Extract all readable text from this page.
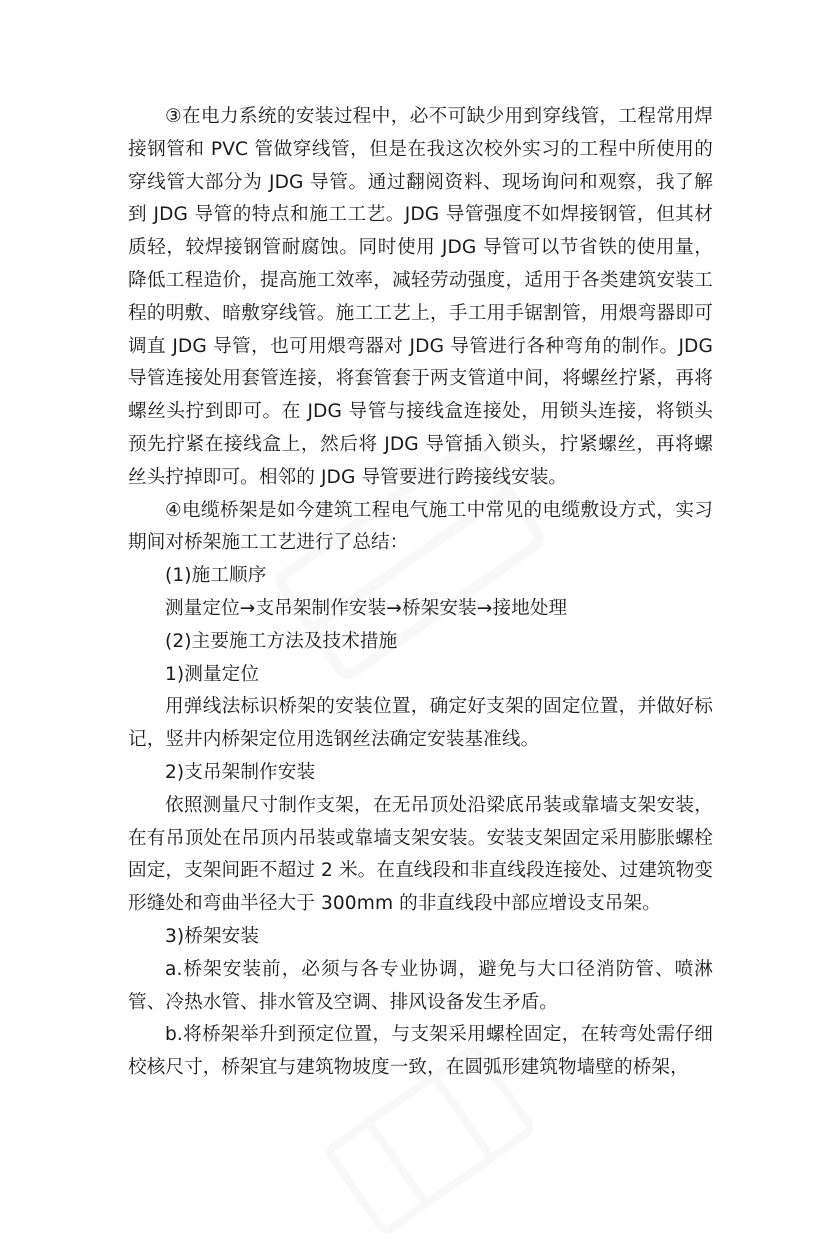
③在电力系统的安装过程中，必不可缺少用到穿线管，工程常用焊接钢管和 PVC 管做穿线管，但是在我这次校外实习的工程中所使用的穿线管大部分为 JDG 导管。通过翻阅资料、现场询问和观察，我了解到 JDG 导管的特点和施工工艺。JDG 导管强度不如焊接钢管，但其材质轻，较焊接钢管耐腐蚀。同时使用 JDG 导管可以节省铁的使用量，降低工程造价，提高施工效率，减轻劳动强度，适用于各类建筑安装工程的明敷、暗敷穿线管。施工工艺上，手工用手锯割管，用煨弯器即可调直 JDG 导管，也可用煨弯器对 JDG 导管进行各种弯角的制作。JDG 导管连接处用套管连接，将套管套于两支管道中间，将螺丝拧紧，再将螺丝头拧到即可。在 JDG 导管与接线盒连接处，用锁头连接，将锁头预先拧紧在接线盒上，然后将 JDG 导管插入锁头，拧紧螺丝，再将螺丝头拧掉即可。相邻的 JDG 导管要进行跨接线安装。

④电缆桥架是如今建筑工程电气施工中常见的电缆敷设方式，实习期间对桥架施工工艺进行了总结：

(1)施工顺序

测量定位→支吊架制作安装→桥架安装→接地处理

(2)主要施工方法及技术措施

1)测量定位

用弹线法标识桥架的安装位置，确定好支架的固定位置，并做好标记，竖井内桥架定位用选钢丝法确定安装基准线。

2)支吊架制作安装

依照测量尺寸制作支架，在无吊顶处沿梁底吊装或靠墙支架安装，在有吊顶处在吊顶内吊装或靠墙支架安装。安装支架固定采用膨胀螺栓固定，支架间距不超过 2 米。在直线段和非直线段连接处、过建筑物变形缝处和弯曲半径大于 300mm 的非直线段中部应增设支吊架。

3)桥架安装

a.桥架安装前，必须与各专业协调，避免与大口径消防管、喷淋管、冷热水管、排水管及空调、排风设备发生矛盾。

b.将桥架举升到预定位置，与支架采用螺栓固定，在转弯处需仔细校核尺寸，桥架宜与建筑物坡度一致，在圆弧形建筑物墙壁的桥架，
